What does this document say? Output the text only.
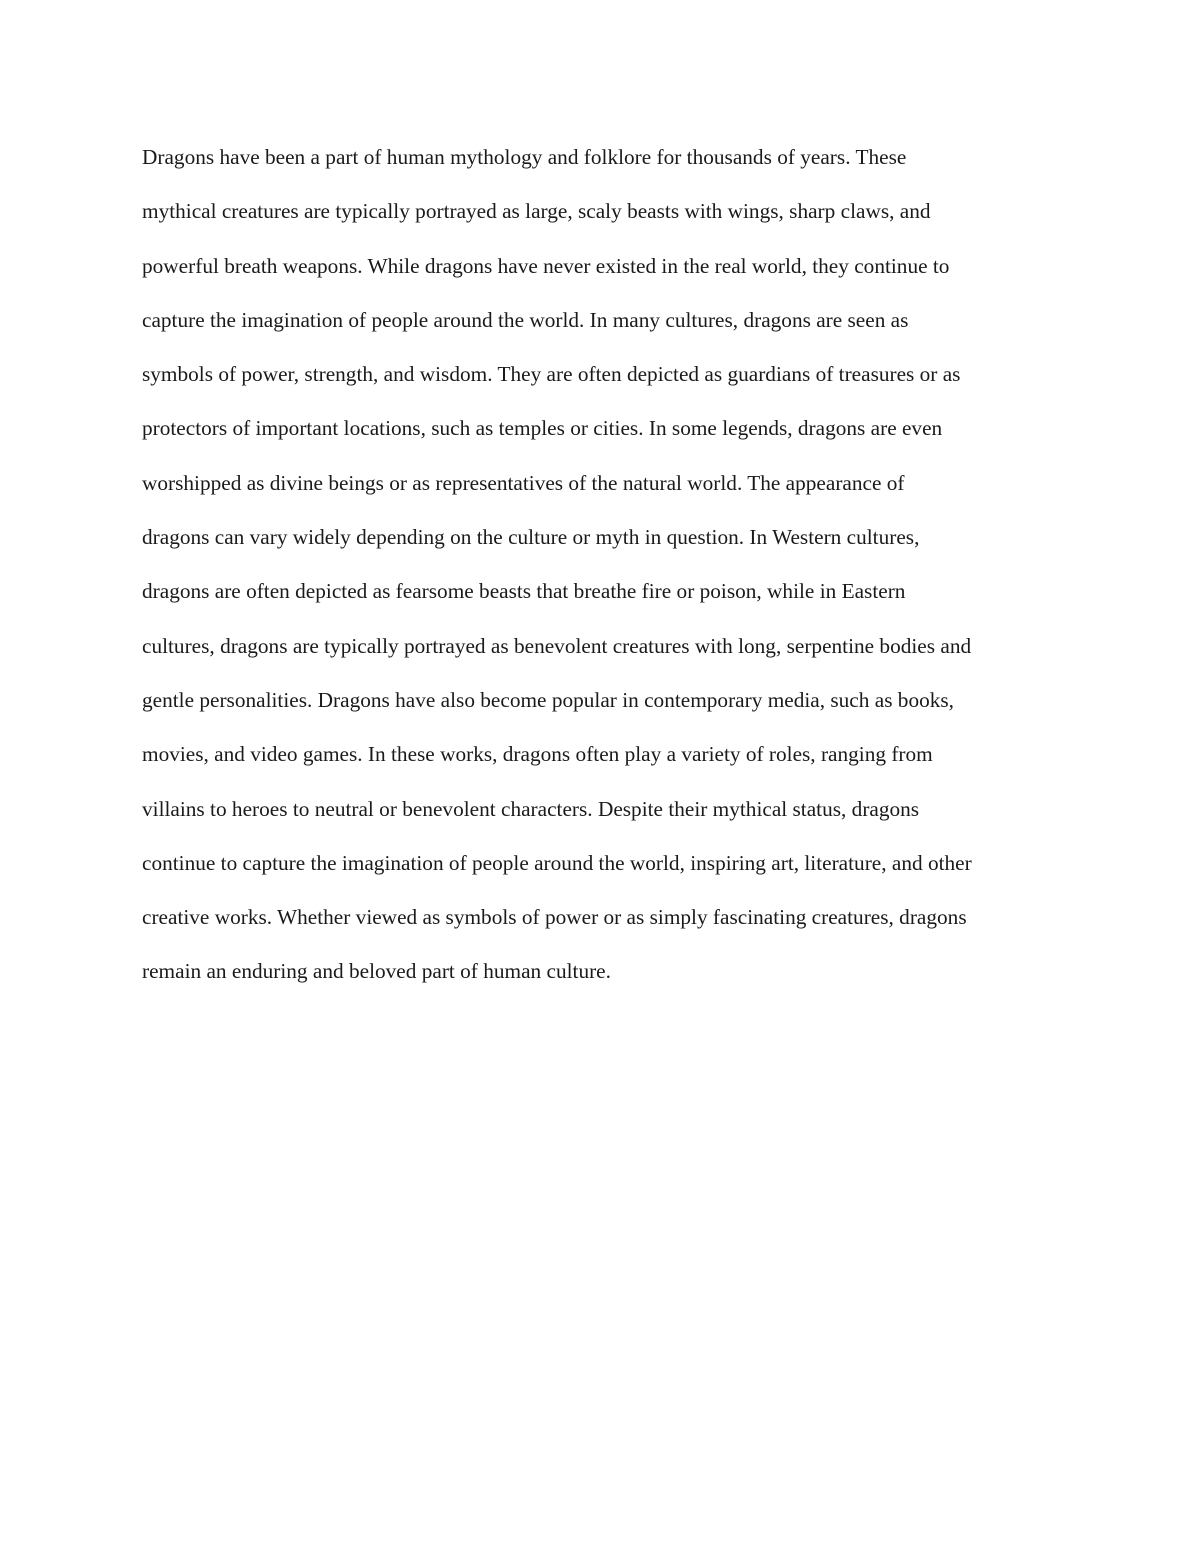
Dragons have been a part of human mythology and folklore for thousands of years. These
mythical creatures are typically portrayed as large, scaly beasts with wings, sharp claws, and
powerful breath weapons. While dragons have never existed in the real world, they continue to
capture the imagination of people around the world. In many cultures, dragons are seen as
symbols of power, strength, and wisdom. They are often depicted as guardians of treasures or as
protectors of important locations, such as temples or cities. In some legends, dragons are even
worshipped as divine beings or as representatives of the natural world. The appearance of
dragons can vary widely depending on the culture or myth in question. In Western cultures,
dragons are often depicted as fearsome beasts that breathe fire or poison, while in Eastern
cultures, dragons are typically portrayed as benevolent creatures with long, serpentine bodies and
gentle personalities. Dragons have also become popular in contemporary media, such as books,
movies, and video games. In these works, dragons often play a variety of roles, ranging from
villains to heroes to neutral or benevolent characters. Despite their mythical status, dragons
continue to capture the imagination of people around the world, inspiring art, literature, and other
creative works. Whether viewed as symbols of power or as simply fascinating creatures, dragons
remain an enduring and beloved part of human culture.
